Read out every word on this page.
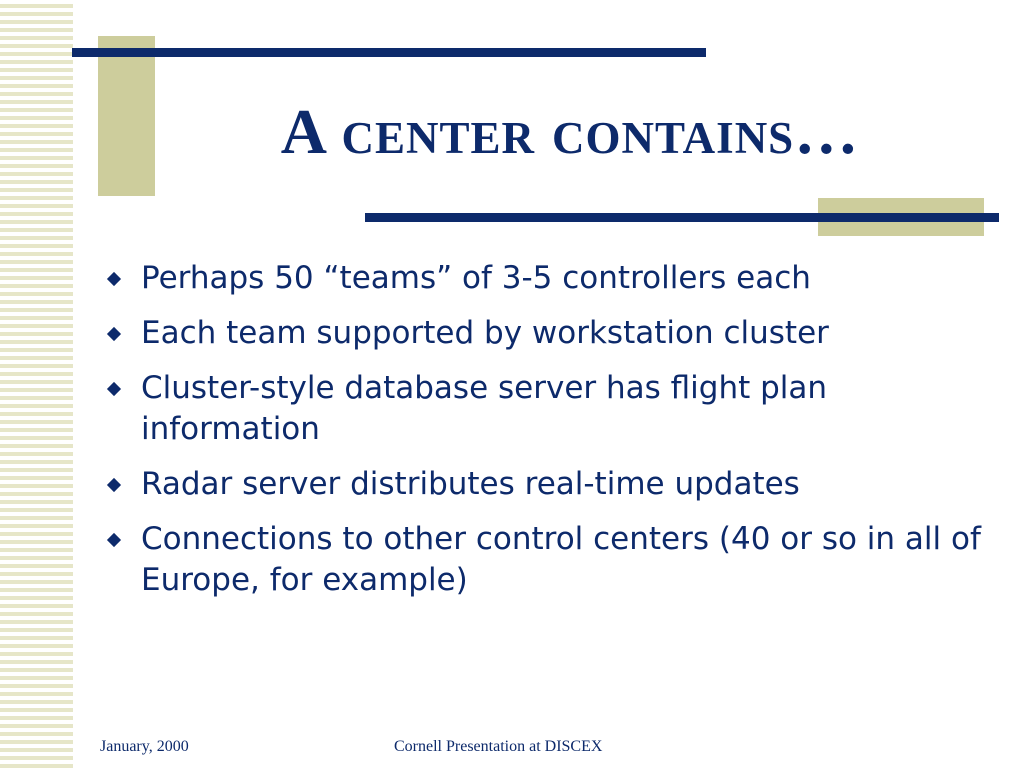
A center contains…
Perhaps 50 “teams” of 3-5 controllers each
Each team supported by workstation cluster
Cluster-style database server has flight plan information
Radar server distributes real-time updates
Connections to other control centers (40 or so in all of Europe, for example)
January, 2000	Cornell Presentation at DISCEX
